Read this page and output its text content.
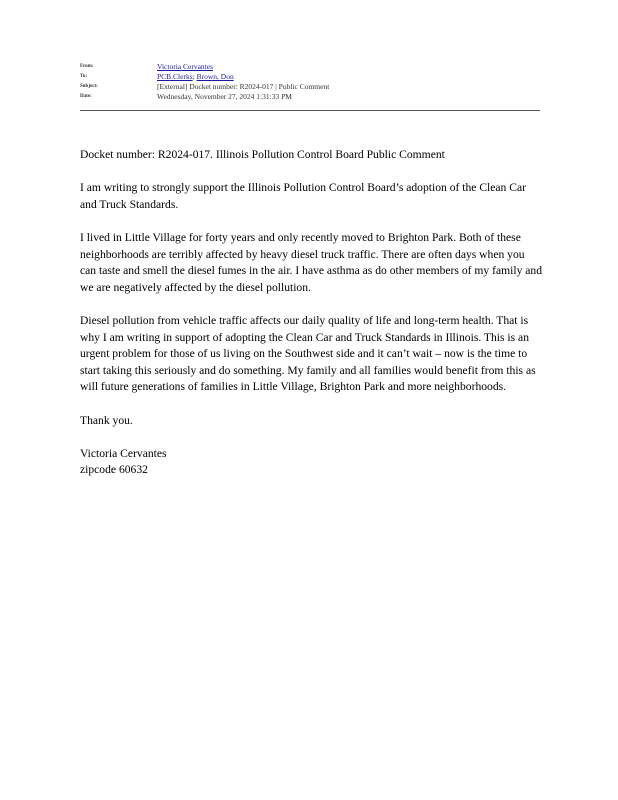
From:	Victoria Cervantes
To:	PCB.Clerks; Brown, Don
Subject:	[External] Docket number: R2024-017 | Public Comment
Date:	Wednesday, November 27, 2024 1:31:33 PM

Docket number: R2024-017. Illinois Pollution Control Board Public Comment

I am writing to strongly support the Illinois Pollution Control Board’s adoption of the Clean Car and Truck Standards.

I lived in Little Village for forty years and only recently moved to Brighton Park. Both of these neighborhoods are terribly affected by heavy diesel truck traffic. There are often days when you can taste and smell the diesel fumes in the air. I have asthma as do other members of my family and we are negatively affected by the diesel pollution.

Diesel pollution from vehicle traffic affects our daily quality of life and long-term health. That is why I am writing in support of adopting the Clean Car and Truck Standards in Illinois. This is an urgent problem for those of us living on the Southwest side and it can’t wait – now is the time to start taking this seriously and do something. My family and all families would benefit from this as will future generations of families in Little Village, Brighton Park and more neighborhoods.

Thank you.

Victoria Cervantes

zipcode 60632
